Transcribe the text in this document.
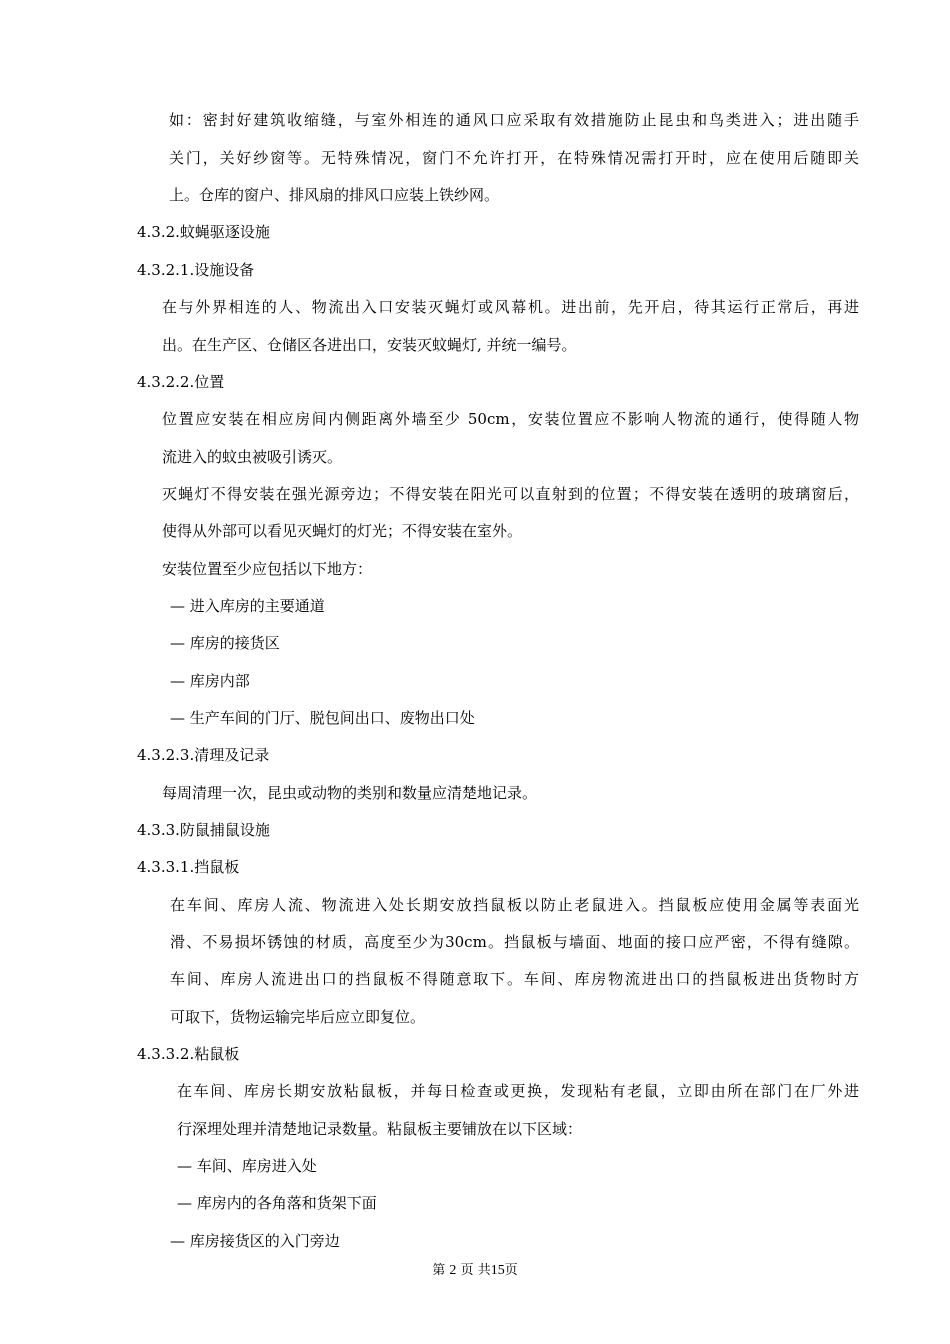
如：密封好建筑收缩缝，与室外相连的通风口应采取有效措施防止昆虫和鸟类进入；进出随手
关门，关好纱窗等。无特殊情况，窗门不允许打开，在特殊情况需打开时，应在使用后随即关
上。仓库的窗户、排风扇的排风口应装上铁纱网。
4.3.2.蚊蝇驱逐设施
4.3.2.1.设施设备
在与外界相连的人、物流出入口安装灭蝇灯或风幕机。进出前，先开启，待其运行正常后，再进
出。在生产区、仓储区各进出口，安装灭蚊蝇灯, 并统一编号。
4.3.2.2.位置
位置应安装在相应房间内侧距离外墙至少 50cm，安装位置应不影响人物流的通行，使得随人物
流进入的蚊虫被吸引诱灭。
灭蝇灯不得安装在强光源旁边；不得安装在阳光可以直射到的位置；不得安装在透明的玻璃窗后，
使得从外部可以看见灭蝇灯的灯光；不得安装在室外。
安装位置至少应包括以下地方：
— 进入库房的主要通道
— 库房的接货区
— 库房内部
— 生产车间的门厅、脱包间出口、废物出口处
4.3.2.3.清理及记录
每周清理一次，昆虫或动物的类别和数量应清楚地记录。
4.3.3.防鼠捕鼠设施
4.3.3.1.挡鼠板
在车间、库房人流、物流进入处长期安放挡鼠板以防止老鼠进入。挡鼠板应使用金属等表面光
滑、不易损坏锈蚀的材质，高度至少为30cm。挡鼠板与墙面、地面的接口应严密，不得有缝隙。
车间、库房人流进出口的挡鼠板不得随意取下。车间、库房物流进出口的挡鼠板进出货物时方
可取下，货物运输完毕后应立即复位。
4.3.3.2.粘鼠板
在车间、库房长期安放粘鼠板，并每日检查或更换，发现粘有老鼠，立即由所在部门在厂外进
行深埋处理并清楚地记录数量。粘鼠板主要铺放在以下区域：
— 车间、库房进入处
— 库房内的各角落和货架下面
— 库房接货区的入门旁边
第 2 页 共15页
